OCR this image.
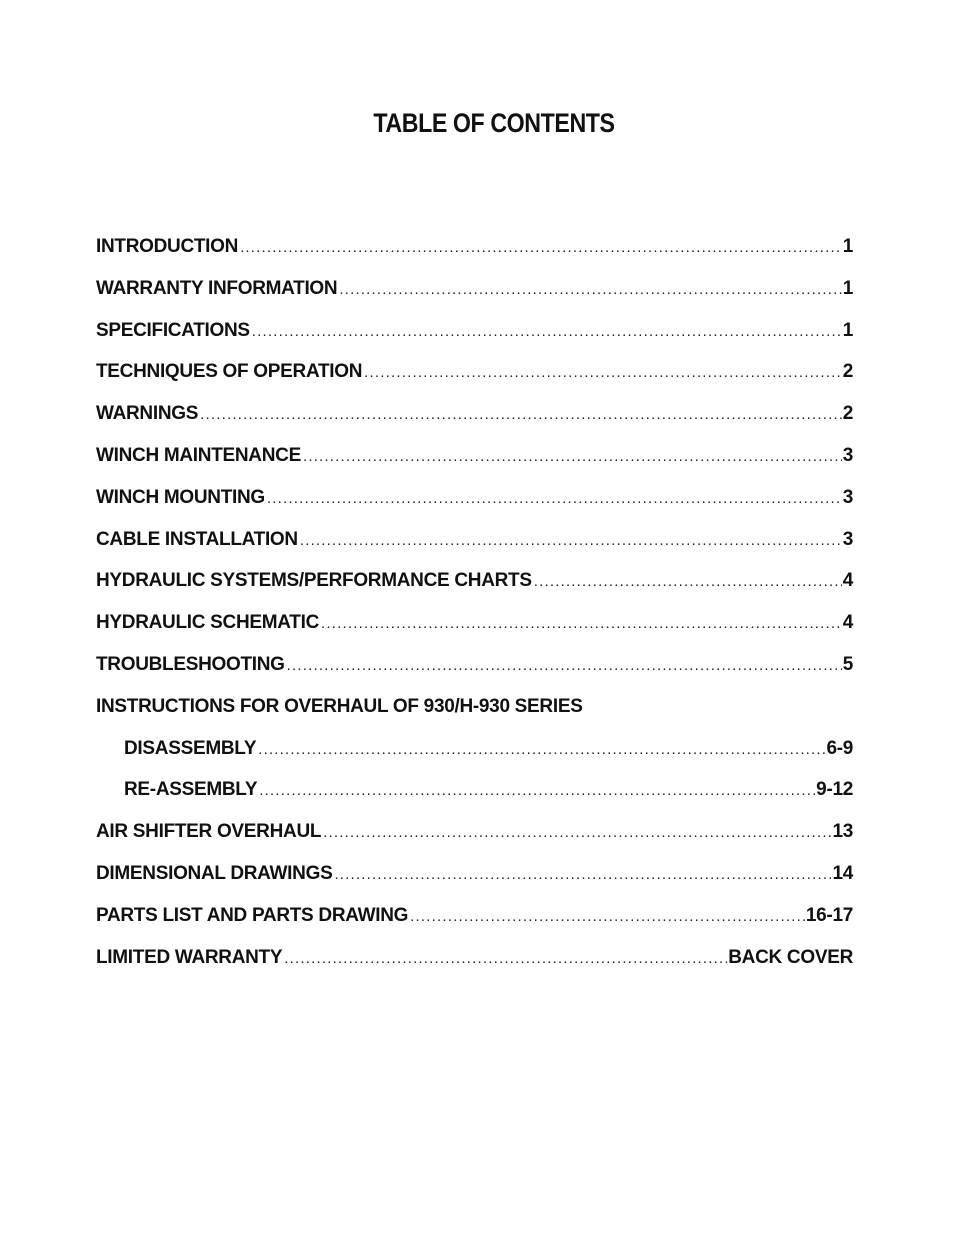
TABLE OF CONTENTS
INTRODUCTION .....	1
WARRANTY INFORMATION .....	1
SPECIFICATIONS .....	1
TECHNIQUES OF OPERATION .....	2
WARNINGS .....	2
WINCH MAINTENANCE .....	3
WINCH MOUNTING .....	3
CABLE INSTALLATION .....	3
HYDRAULIC SYSTEMS/PERFORMANCE CHARTS .....	4
HYDRAULIC SCHEMATIC .....	4
TROUBLESHOOTING .....	5
INSTRUCTIONS FOR OVERHAUL OF 930/H-930 SERIES
DISASSEMBLY .....	6-9
RE-ASSEMBLY .....	9-12
AIR SHIFTER OVERHAUL .....	13
DIMENSIONAL DRAWINGS .....	14
PARTS LIST AND PARTS DRAWING .....	16-17
LIMITED WARRANTY .....	BACK COVER
